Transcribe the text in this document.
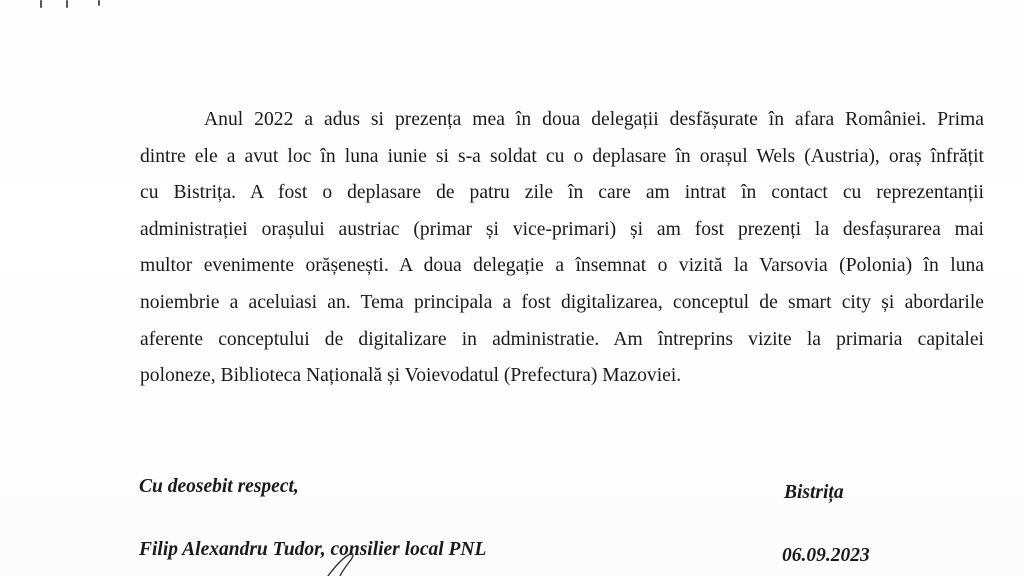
Anul 2022 a adus si prezența mea în doua delegații desfășurate în afara României. Prima
dintre ele a avut loc în luna iunie si s-a soldat cu o deplasare în orașul Wels (Austria), oraș înfrățit
cu Bistrița. A fost o deplasare de patru zile în care am intrat în contact cu reprezentanții
administrației orașului austriac (primar și vice-primari) și am fost prezenți la desfașurarea mai
multor evenimente orășenești. A doua delegație a însemnat o vizită la Varsovia (Polonia) în luna
noiembrie a aceluiasi an. Tema principala a fost digitalizarea, conceptul de smart city și abordarile
aferente conceptului de digitalizare in administratie. Am întreprins vizite la primaria capitalei
poloneze, Biblioteca Națională și Voievodatul (Prefectura) Mazoviei.

Cu deosebit respect,	Bistrița

Filip Alexandru Tudor, consilier local PNL	06.09.2023
